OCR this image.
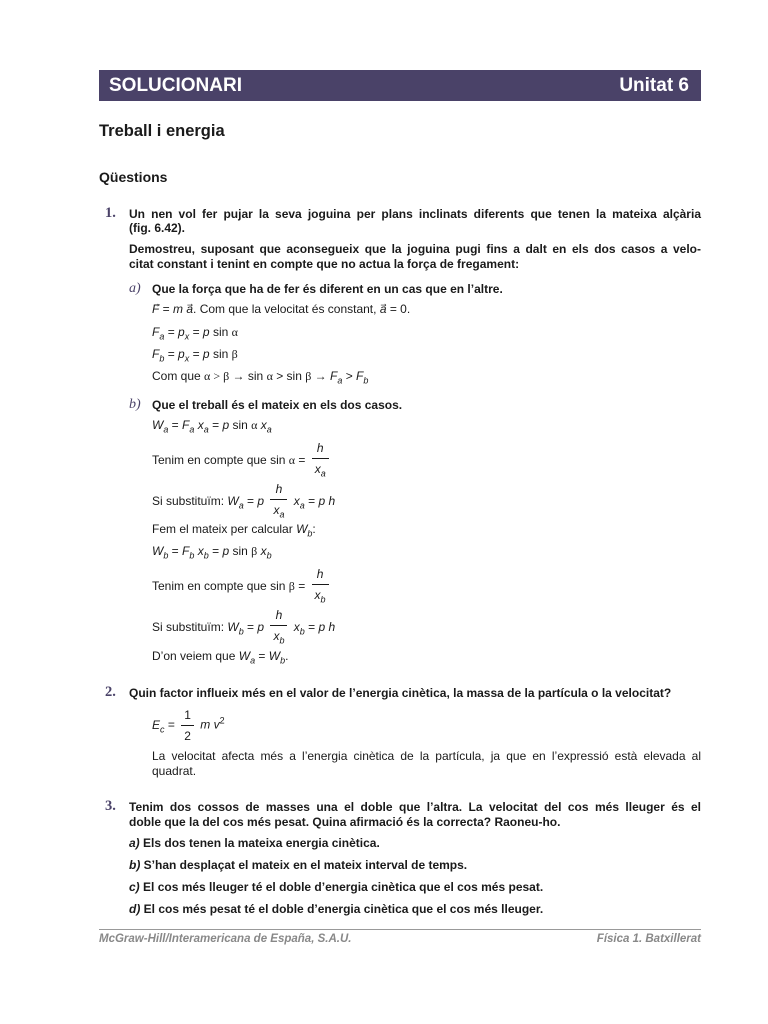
SOLUCIONARI	Unitat 6
Treball i energia
Qüestions
1. Un nen vol fer pujar la seva joguina per plans inclinats diferents que tenen la mateixa alçària
(fig. 6.42).
Demostreu, suposant que aconsegueix que la joguina pugi fins a dalt en els dos casos a velo-
citat constant i tenint en compte que no actua la força de fregament:
a) Que la força que ha de fer és diferent en un cas que en l’altre.
F⃗ = m a. Com que la velocitat és constant, a = 0.
$F_a = p_x = p$ sin α
$F_b = p_x = p$ sin β
Com que $\alpha > \beta \to \sin \alpha > \sin \beta \to F_a > F_b$
b) Que el treball és el mateix en els dos casos.
$W_a = F_a$ $x_a = p$ sin α $x_a$
Tenim en compte que $\sin \alpha = \frac{h}{x_a}$
Si substituïm: $W_a = p \frac{h}{x_a} x_a = p$ h
Fem el mateix per calcular $W_b$:
$W_b = F_b$ $x_b = p$ sin β $x_b$
Tenim en compte que $\sin \beta = \frac{h}{x_b}$
Si substituïm: $W_b = p \frac{h}{x_b} x_b = p$ h
D’on veiem que $W_a = W_b$.
2. Quin factor influeix més en el valor de l’energia cinètica, la massa de la partícula o la velocitat?
$E_c = \frac{1}{2}$ m $v^2$
La velocitat afecta més a l’energia cinètica de la partícula, ja que en l’expressió està elevada al
quadrat.
3. Tenim dos cossos de masses una el doble que l’altra. La velocitat del cos més lleuger és el
doble que la del cos més pesat. Quina afirmació és la correcta? Raoneu-ho.
a) Els dos tenen la mateixa energia cinètica.
b) S’han desplaçat el mateix en el mateix interval de temps.
c) El cos més lleuger té el doble d’energia cinètica que el cos més pesat.
d) El cos més pesat té el doble d’energia cinètica que el cos més lleuger.
McGraw-Hill/Interamericana de España, S.A.U.	Física 1. Batxillerat
